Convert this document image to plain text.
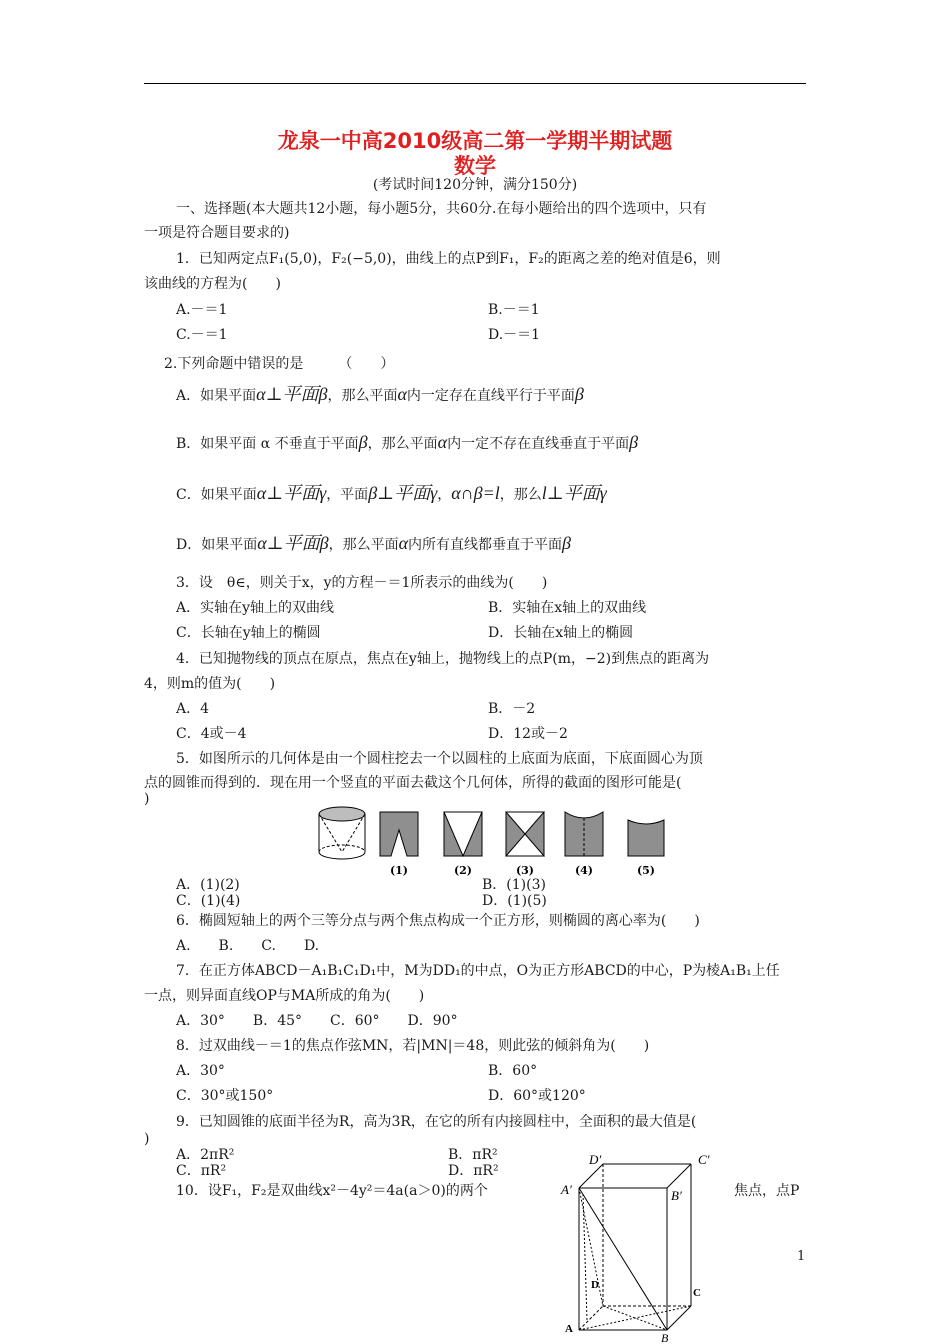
龙泉一中高2010级高二第一学期半期试题
数学
(考试时间120分钟，满分150分)
一、选择题(本大题共12小题，每小题5分，共60分.在每小题给出的四个选项中，只有
一项是符合题目要求的)
1．已知两定点F₁(5,0)，F₂(−5,0)，曲线上的点P到F₁，F₂的距离之差的绝对值是6，则
该曲线的方程为(　　)
A.－＝1	B.－＝1
C.－＝1	D.－＝1
2.下列命题中错误的是　　　（　　）
A．如果平面α⊥平面β，那么平面α内一定存在直线平行于平面β
B．如果平面 α 不垂直于平面β，那么平面α内一定不存在直线垂直于平面β
C．如果平面α⊥平面γ，平面β⊥平面γ，α∩β=l，那么l⊥平面γ
D．如果平面α⊥平面β，那么平面α内所有直线都垂直于平面β
3．设　θ∈，则关于x，y的方程－＝1所表示的曲线为(　　)
A．实轴在y轴上的双曲线	B．实轴在x轴上的双曲线
C．长轴在y轴上的椭圆	D．长轴在x轴上的椭圆
4．已知抛物线的顶点在原点，焦点在y轴上，抛物线上的点P(m，−2)到焦点的距离为
4，则m的值为(　　)
A．4	B．－2
C．4或－4	D．12或－2
5．如图所示的几何体是由一个圆柱挖去一个以圆柱的上底面为底面，下底面圆心为顶
点的圆锥而得到的．现在用一个竖直的平面去截这个几何体，所得的截面的图形可能是(
)
(1)	(2)	(3)	(4)	(5)
A．(1)(2)	B．(1)(3)
C．(1)(4)	D．(1)(5)
6．椭圆短轴上的两个三等分点与两个焦点构成一个正方形，则椭圆的离心率为(　　)
A.　　B.　　C.　　D.
7．在正方体ABCD－A₁B₁C₁D₁中，M为DD₁的中点，O为正方形ABCD的中心，P为棱A₁B₁上任
一点，则异面直线OP与MA所成的角为(　　)
A．30°　　B．45°　　C．60°　　D．90°
8．过双曲线－＝1的焦点作弦MN，若|MN|＝48，则此弦的倾斜角为(　　)
A．30°	B．60°
C．30°或150°	D．60°或120°
9．已知圆锥的底面半径为R，高为3R，在它的所有内接圆柱中，全面积的最大值是(
)
A．2πR²	B．πR²
C．πR²	D．πR²
10．设F₁，F₂是双曲线x²－4y²＝4a(a＞0)的两个	焦点，点P
D′	C′
A′	B′
D
C
A
B
1
